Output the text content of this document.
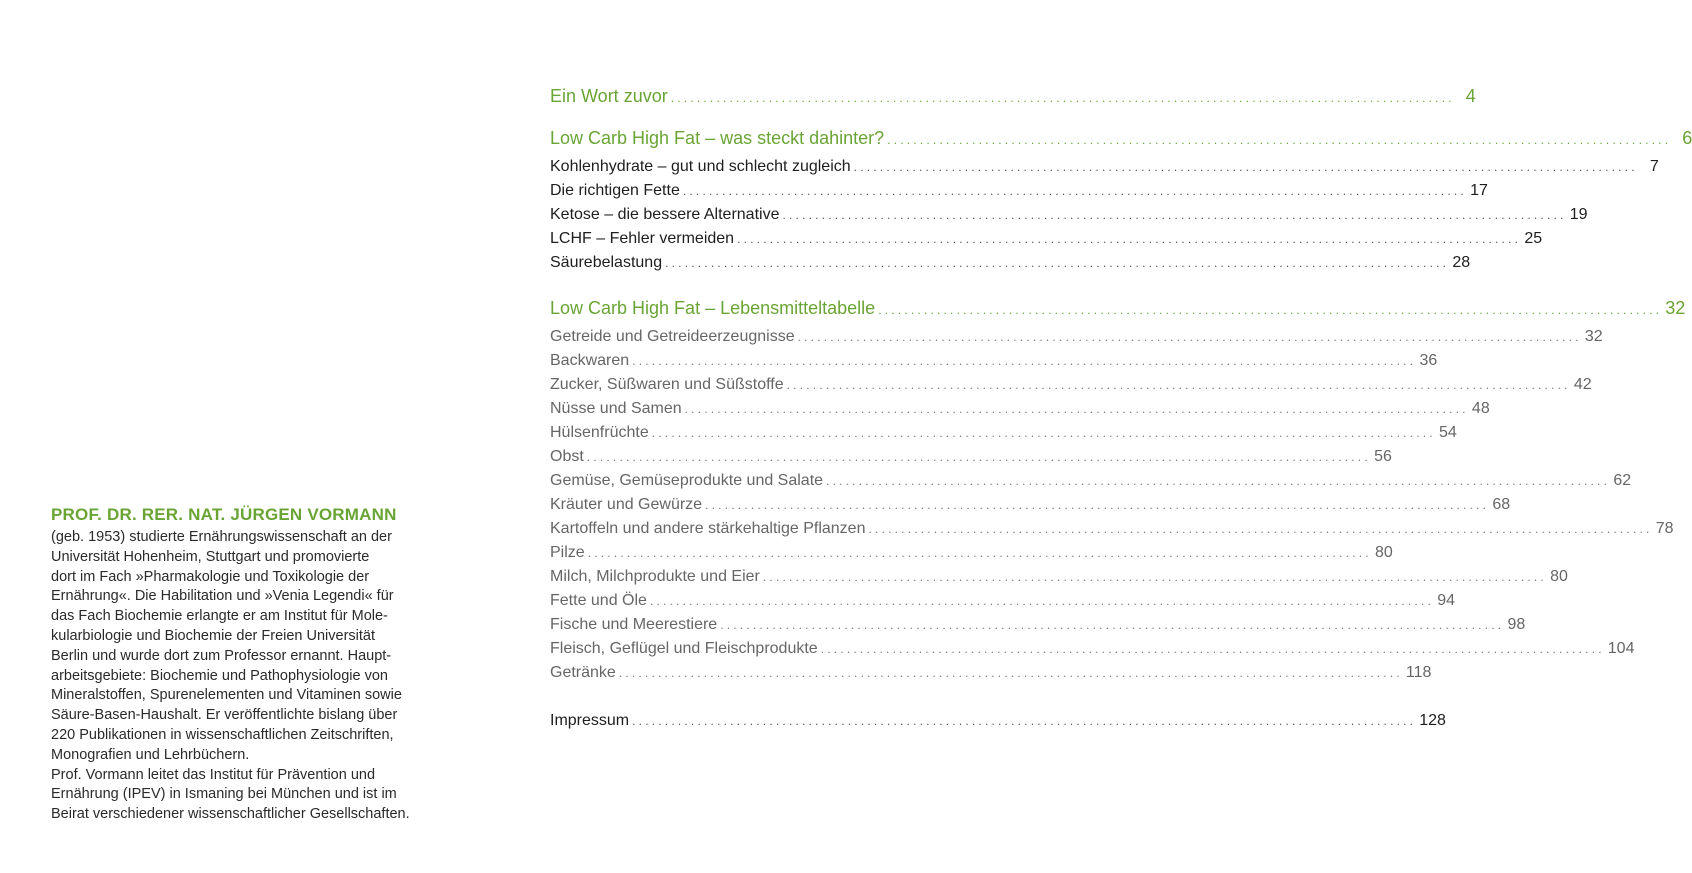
PROF. DR. RER. NAT. JÜRGEN VORMANN
(geb. 1953) studierte Ernährungswissenschaft an der
Universität Hohenheim, Stuttgart und promovierte
dort im Fach »Pharmakologie und Toxikologie der
Ernährung«. Die Habilitation und »Venia Legendi« für
das Fach Biochemie erlangte er am Institut für Mole-
kularbiologie und Biochemie der Freien Universität
Berlin und wurde dort zum Professor ernannt. Haupt-
arbeitsgebiete: Biochemie und Pathophysiologie von
Mineralstoffen, Spurenelementen und Vitaminen sowie
Säure-Basen-Haushalt. Er veröffentlichte bislang über
220 Publikationen in wissenschaftlichen Zeitschriften,
Monografien und Lehrbüchern.
Prof. Vormann leitet das Institut für Prävention und
Ernährung (IPEV) in Ismaning bei München und ist im
Beirat verschiedener wissenschaftlicher Gesellschaften.
Ein Wort zuvor ........................................................................................................................ 4
Low Carb High Fat – was steckt dahinter? ........................................................................................................................ 6
Kohlenhydrate – gut und schlecht zugleich ........................................................................................................................ 7
Die richtigen Fette ........................................................................................................................ 17
Ketose – die bessere Alternative ........................................................................................................................ 19
LCHF – Fehler vermeiden ........................................................................................................................ 25
Säurebelastung ........................................................................................................................ 28
Low Carb High Fat – Lebensmitteltabelle ........................................................................................................................ 32
Getreide und Getreideerzeugnisse ........................................................................................................................ 32
Backwaren ........................................................................................................................ 36
Zucker, Süßwaren und Süßstoffe ........................................................................................................................ 42
Nüsse und Samen ........................................................................................................................ 48
Hülsenfrüchte ........................................................................................................................ 54
Obst ........................................................................................................................ 56
Gemüse, Gemüseprodukte und Salate ........................................................................................................................ 62
Kräuter und Gewürze ........................................................................................................................ 68
Kartoffeln und andere stärkehaltige Pflanzen ........................................................................................................................ 78
Pilze ........................................................................................................................ 80
Milch, Milchprodukte und Eier ........................................................................................................................ 80
Fette und Öle ........................................................................................................................ 94
Fische und Meerestiere ........................................................................................................................ 98
Fleisch, Geflügel und Fleischprodukte ........................................................................................................................ 104
Getränke ........................................................................................................................ 118
Impressum ........................................................................................................................ 128
